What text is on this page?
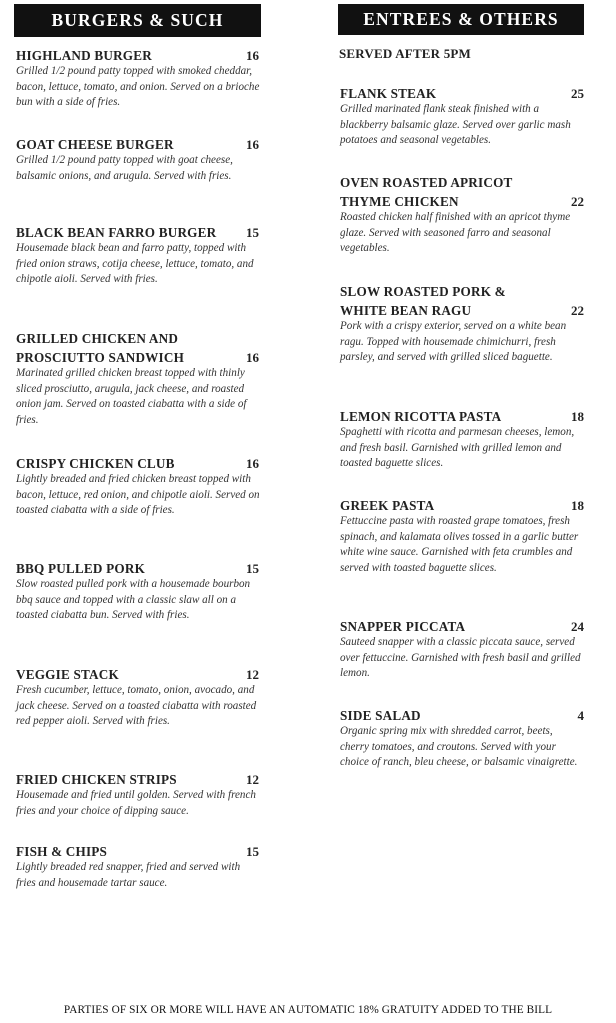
BURGERS & SUCH
HIGHLAND BURGER	16
Grilled 1/2 pound patty topped with smoked cheddar, bacon, lettuce, tomato, and onion. Served on a brioche bun with a side of fries.
GOAT CHEESE BURGER	16
Grilled 1/2 pound patty topped with goat cheese, balsamic onions, and arugula. Served with fries.
BLACK BEAN FARRO BURGER	15
Housemade black bean and farro patty, topped with fried onion straws, cotija cheese, lettuce, tomato, and chipotle aioli. Served with fries.
GRILLED CHICKEN AND PROSCIUTTO SANDWICH	16
Marinated grilled chicken breast topped with thinly sliced prosciutto, arugula, jack cheese, and roasted onion jam. Served on toasted ciabatta with a side of fries.
CRISPY CHICKEN CLUB	16
Lightly breaded and fried chicken breast topped with bacon, lettuce, red onion, and chipotle aioli. Served on toasted ciabatta with a side of fries.
BBQ PULLED PORK	15
Slow roasted pulled pork with a housemade bourbon bbq sauce and topped with a classic slaw all on a toasted ciabatta bun. Served with fries.
VEGGIE STACK	12
Fresh cucumber, lettuce, tomato, onion, avocado, and jack cheese. Served on a toasted ciabatta with roasted red pepper aioli. Served with fries.
FRIED CHICKEN STRIPS	12
Housemade and fried until golden. Served with french fries and your choice of dipping sauce.
FISH & CHIPS	15
Lightly breaded red snapper, fried and served with fries and housemade tartar sauce.
ENTREES & OTHERS
SERVED AFTER 5PM
FLANK STEAK	25
Grilled marinated flank steak finished with a blackberry balsamic glaze. Served over garlic mash potatoes and seasonal vegetables.
OVEN ROASTED APRICOT THYME CHICKEN	22
Roasted chicken half finished with an apricot thyme glaze. Served with seasoned farro and seasonal vegetables.
SLOW ROASTED PORK & WHITE BEAN RAGU	22
Pork with a crispy exterior, served on a white bean ragu. Topped with housemade chimichurri, fresh parsley, and served with grilled sliced baguette.
LEMON RICOTTA PASTA	18
Spaghetti with ricotta and parmesan cheeses, lemon, and fresh basil. Garnished with grilled lemon and toasted baguette slices.
GREEK PASTA	18
Fettuccine pasta with roasted grape tomatoes, fresh spinach, and kalamata olives tossed in a garlic butter white wine sauce. Garnished with feta crumbles and served with toasted baguette slices.
SNAPPER PICCATA	24
Sauteed snapper with a classic piccata sauce, served over fettuccine. Garnished with fresh basil and grilled lemon.
SIDE SALAD	4
Organic spring mix with shredded carrot, beets, cherry tomatoes, and croutons. Served with your choice of ranch, bleu cheese, or balsamic vinaigrette.
PARTIES OF SIX OR MORE WILL HAVE AN AUTOMATIC 18% GRATUITY ADDED TO THE BILL
